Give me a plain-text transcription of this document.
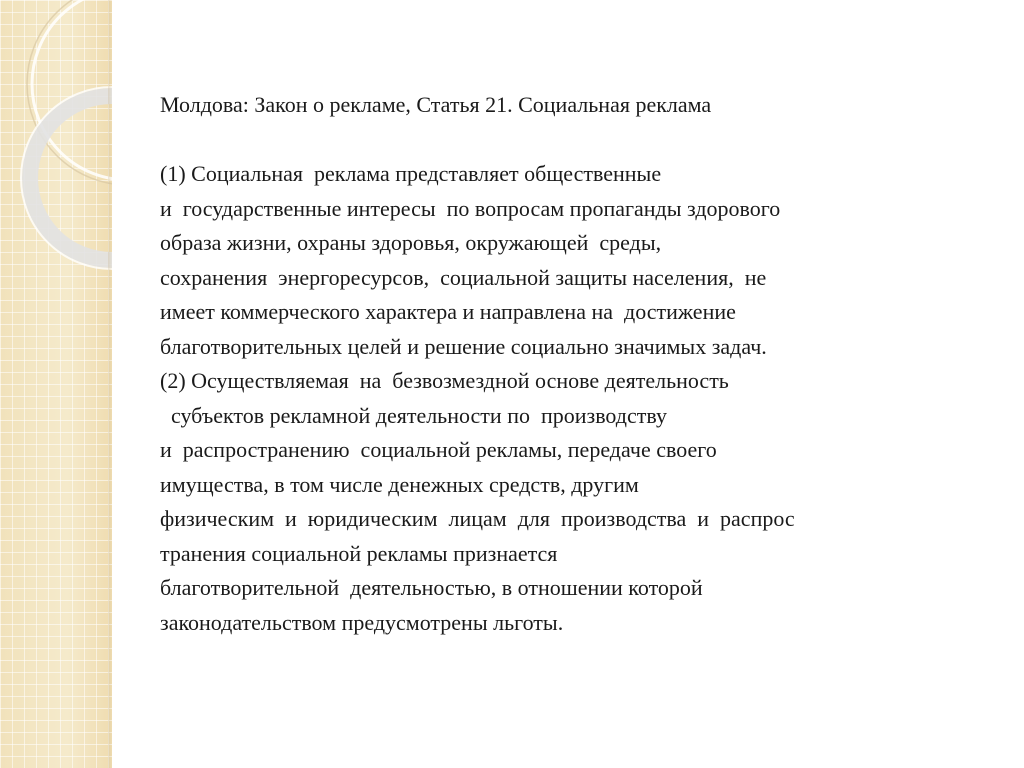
Молдова: Закон о рекламе, Статья 21. Социальная реклама
(1) Социальная  реклама представляет общественные
и  государственные интересы  по вопросам пропаганды здорового
образа жизни, охраны здоровья, окружающей  среды,
сохранения  энергоресурсов,  социальной защиты населения,  не
имеет коммерческого характера и направлена на  достижение
благотворительных целей и решение социально значимых задач.
(2) Осуществляемая  на  безвозмездной основе деятельность
субъектов рекламной деятельности по  производству
и  распространению  социальной рекламы, передаче своего
имущества, в том числе денежных средств, другим
физическим  и  юридическим  лицам  для  производства  и  распрос
транения социальной рекламы признается
благотворительной  деятельностью, в отношении которой
законодательством предусмотрены льготы.
